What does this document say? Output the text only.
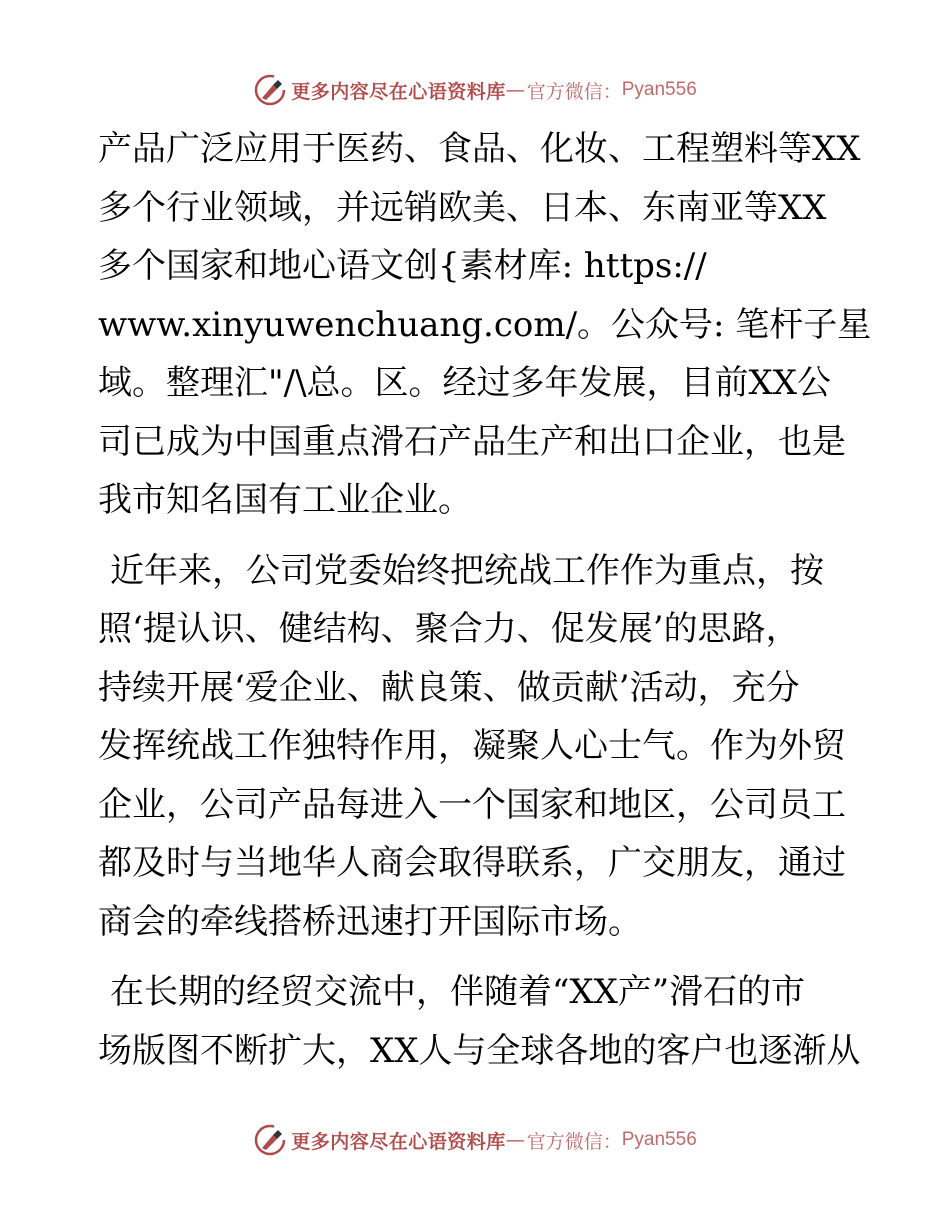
更多内容尽在心语资料库 — 官方微信： Pyan556

产品广泛应用于医药、食品、化妆、工程塑料等XX
多个行业领域，并远销欧美、日本、东南亚等XX
多个国家和地心语文创{素材库: https://
www.xinyuwenchuang.com/。公众号: 笔杆子星
域。整理汇"/\总。区。经过多年发展，目前XX公
司已成为中国重点滑石产品生产和出口企业，也是
我市知名国有工业企业。

近年来，公司党委始终把统战工作作为重点，按
照‘提认识、健结构、聚合力、促发展’的思路，
持续开展‘爱企业、献良策、做贡献’活动，充分
发挥统战工作独特作用，凝聚人心士气。作为外贸
企业，公司产品每进入一个国家和地区，公司员工
都及时与当地华人商会取得联系，广交朋友，通过
商会的牵线搭桥迅速打开国际市场。

在长期的经贸交流中，伴随着“XX产”滑石的市
场版图不断扩大，XX人与全球各地的客户也逐渐从

更多内容尽在心语资料库 — 官方微信： Pyan556
